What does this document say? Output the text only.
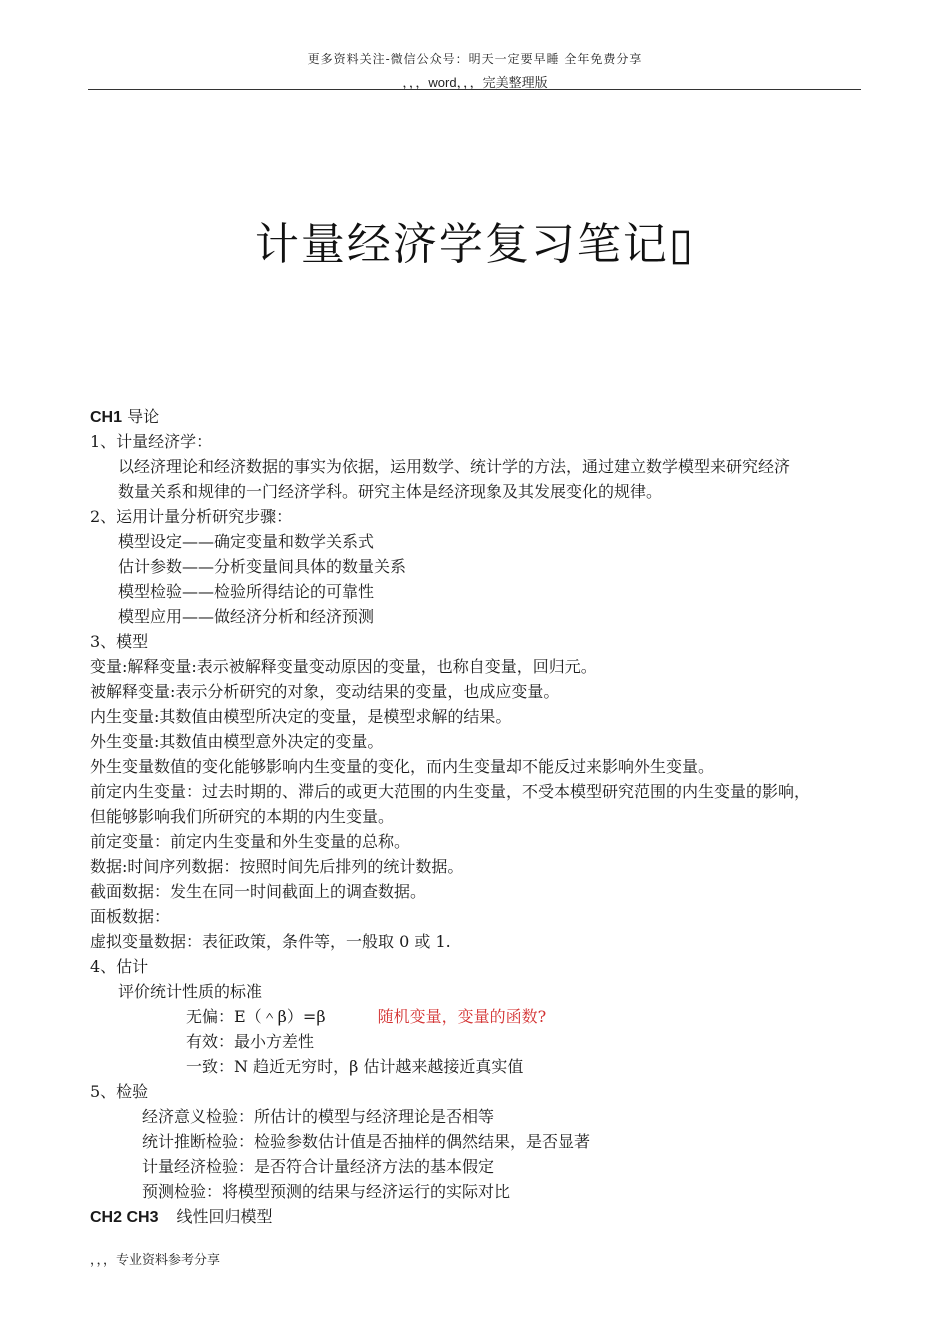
更多资料关注-微信公众号：明天一定要早睡 全年免费分享
，，，word，，，完美整理版
计量经济学复习笔记▯
CH1 导论
1、计量经济学：
以经济理论和经济数据的事实为依据，运用数学、统计学的方法，通过建立数学模型来研究经济
数量关系和规律的一门经济学科。研究主体是经济现象及其发展变化的规律。
2、运用计量分析研究步骤：
模型设定——确定变量和数学关系式
估计参数——分析变量间具体的数量关系
模型检验——检验所得结论的可靠性
模型应用——做经济分析和经济预测
3、模型
变量:解释变量:表示被解释变量变动原因的变量，也称自变量，回归元。
被解释变量:表示分析研究的对象，变动结果的变量，也成应变量。
内生变量:其数值由模型所决定的变量，是模型求解的结果。
外生变量:其数值由模型意外决定的变量。
外生变量数值的变化能够影响内生变量的变化，而内生变量却不能反过来影响外生变量。
前定内生变量：过去时期的、滞后的或更大范围的内生变量，不受本模型研究范围的内生变量的影响，
但能够影响我们所研究的本期的内生变量。
前定变量：前定内生变量和外生变量的总称。
数据:时间序列数据：按照时间先后排列的统计数据。
截面数据：发生在同一时间截面上的调查数据。
面板数据：
虚拟变量数据：表征政策，条件等，一般取 0 或 1.
4、估计
评价统计性质的标准
无偏：E（＾β）=β	随机变量，变量的函数?
有效：最小方差性
一致：N 趋近无穷时，β 估计越来越接近真实值
5、检验
经济意义检验：所估计的模型与经济理论是否相等
统计推断检验：检验参数估计值是否抽样的偶然结果，是否显著
计量经济检验：是否符合计量经济方法的基本假定
预测检验：将模型预测的结果与经济运行的实际对比
CH2 CH3 线性回归模型
，，，专业资料参考分享
